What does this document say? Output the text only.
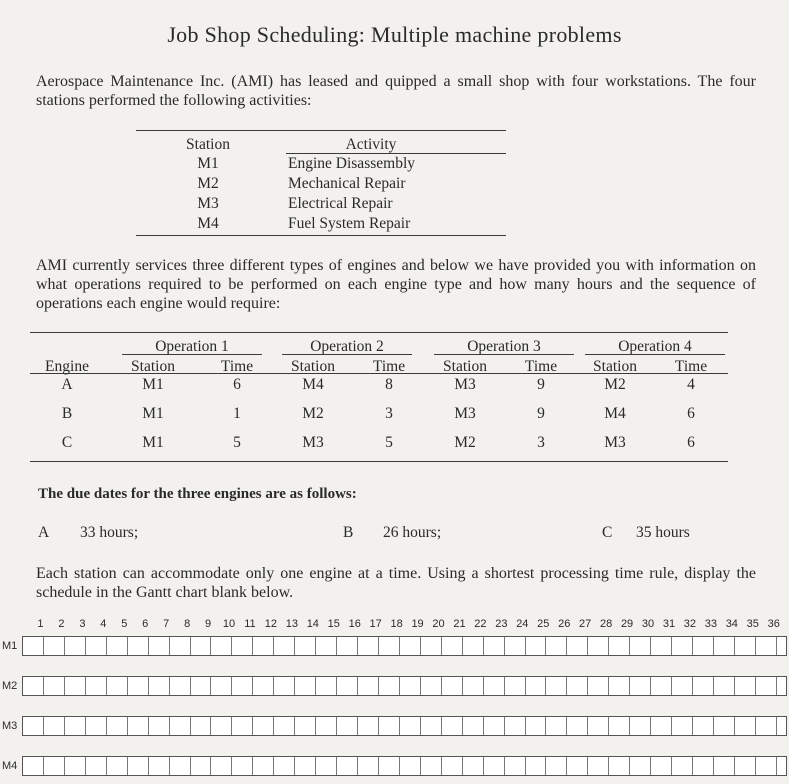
Job Shop Scheduling: Multiple machine problems
Aerospace Maintenance Inc. (AMI) has leased and quipped a small shop with four workstations. The four stations performed the following activities:
Station	Activity
M1	Engine Disassembly
M2	Mechanical Repair
M3	Electrical Repair
M4	Fuel System Repair
AMI currently services three different types of engines and below we have provided you with information on what operations required to be performed on each engine type and how many hours and the sequence of operations each engine would require:
Operation 1	Operation 2	Operation 3	Operation 4
Engine	Station	Time	Station	Time	Station	Time	Station	Time
A	M1	6	M4	8	M3	9	M2	4
B	M1	1	M2	3	M3	9	M4	6
C	M1	5	M3	5	M2	3	M3	6
The due dates for the three engines are as follows:
A 33 hours;	B 26 hours;	C 35 hours
Each station can accommodate only one engine at a time. Using a shortest processing time rule, display the schedule in the Gantt chart blank below.
1	2	3	4	5	6	7	8	9	10 11 12 13 14 15 16 17 18 19 20 21 22 23 24 25 26 27 28 29 30 31 32 33 34 35 36
M1
M2
M3
M4
